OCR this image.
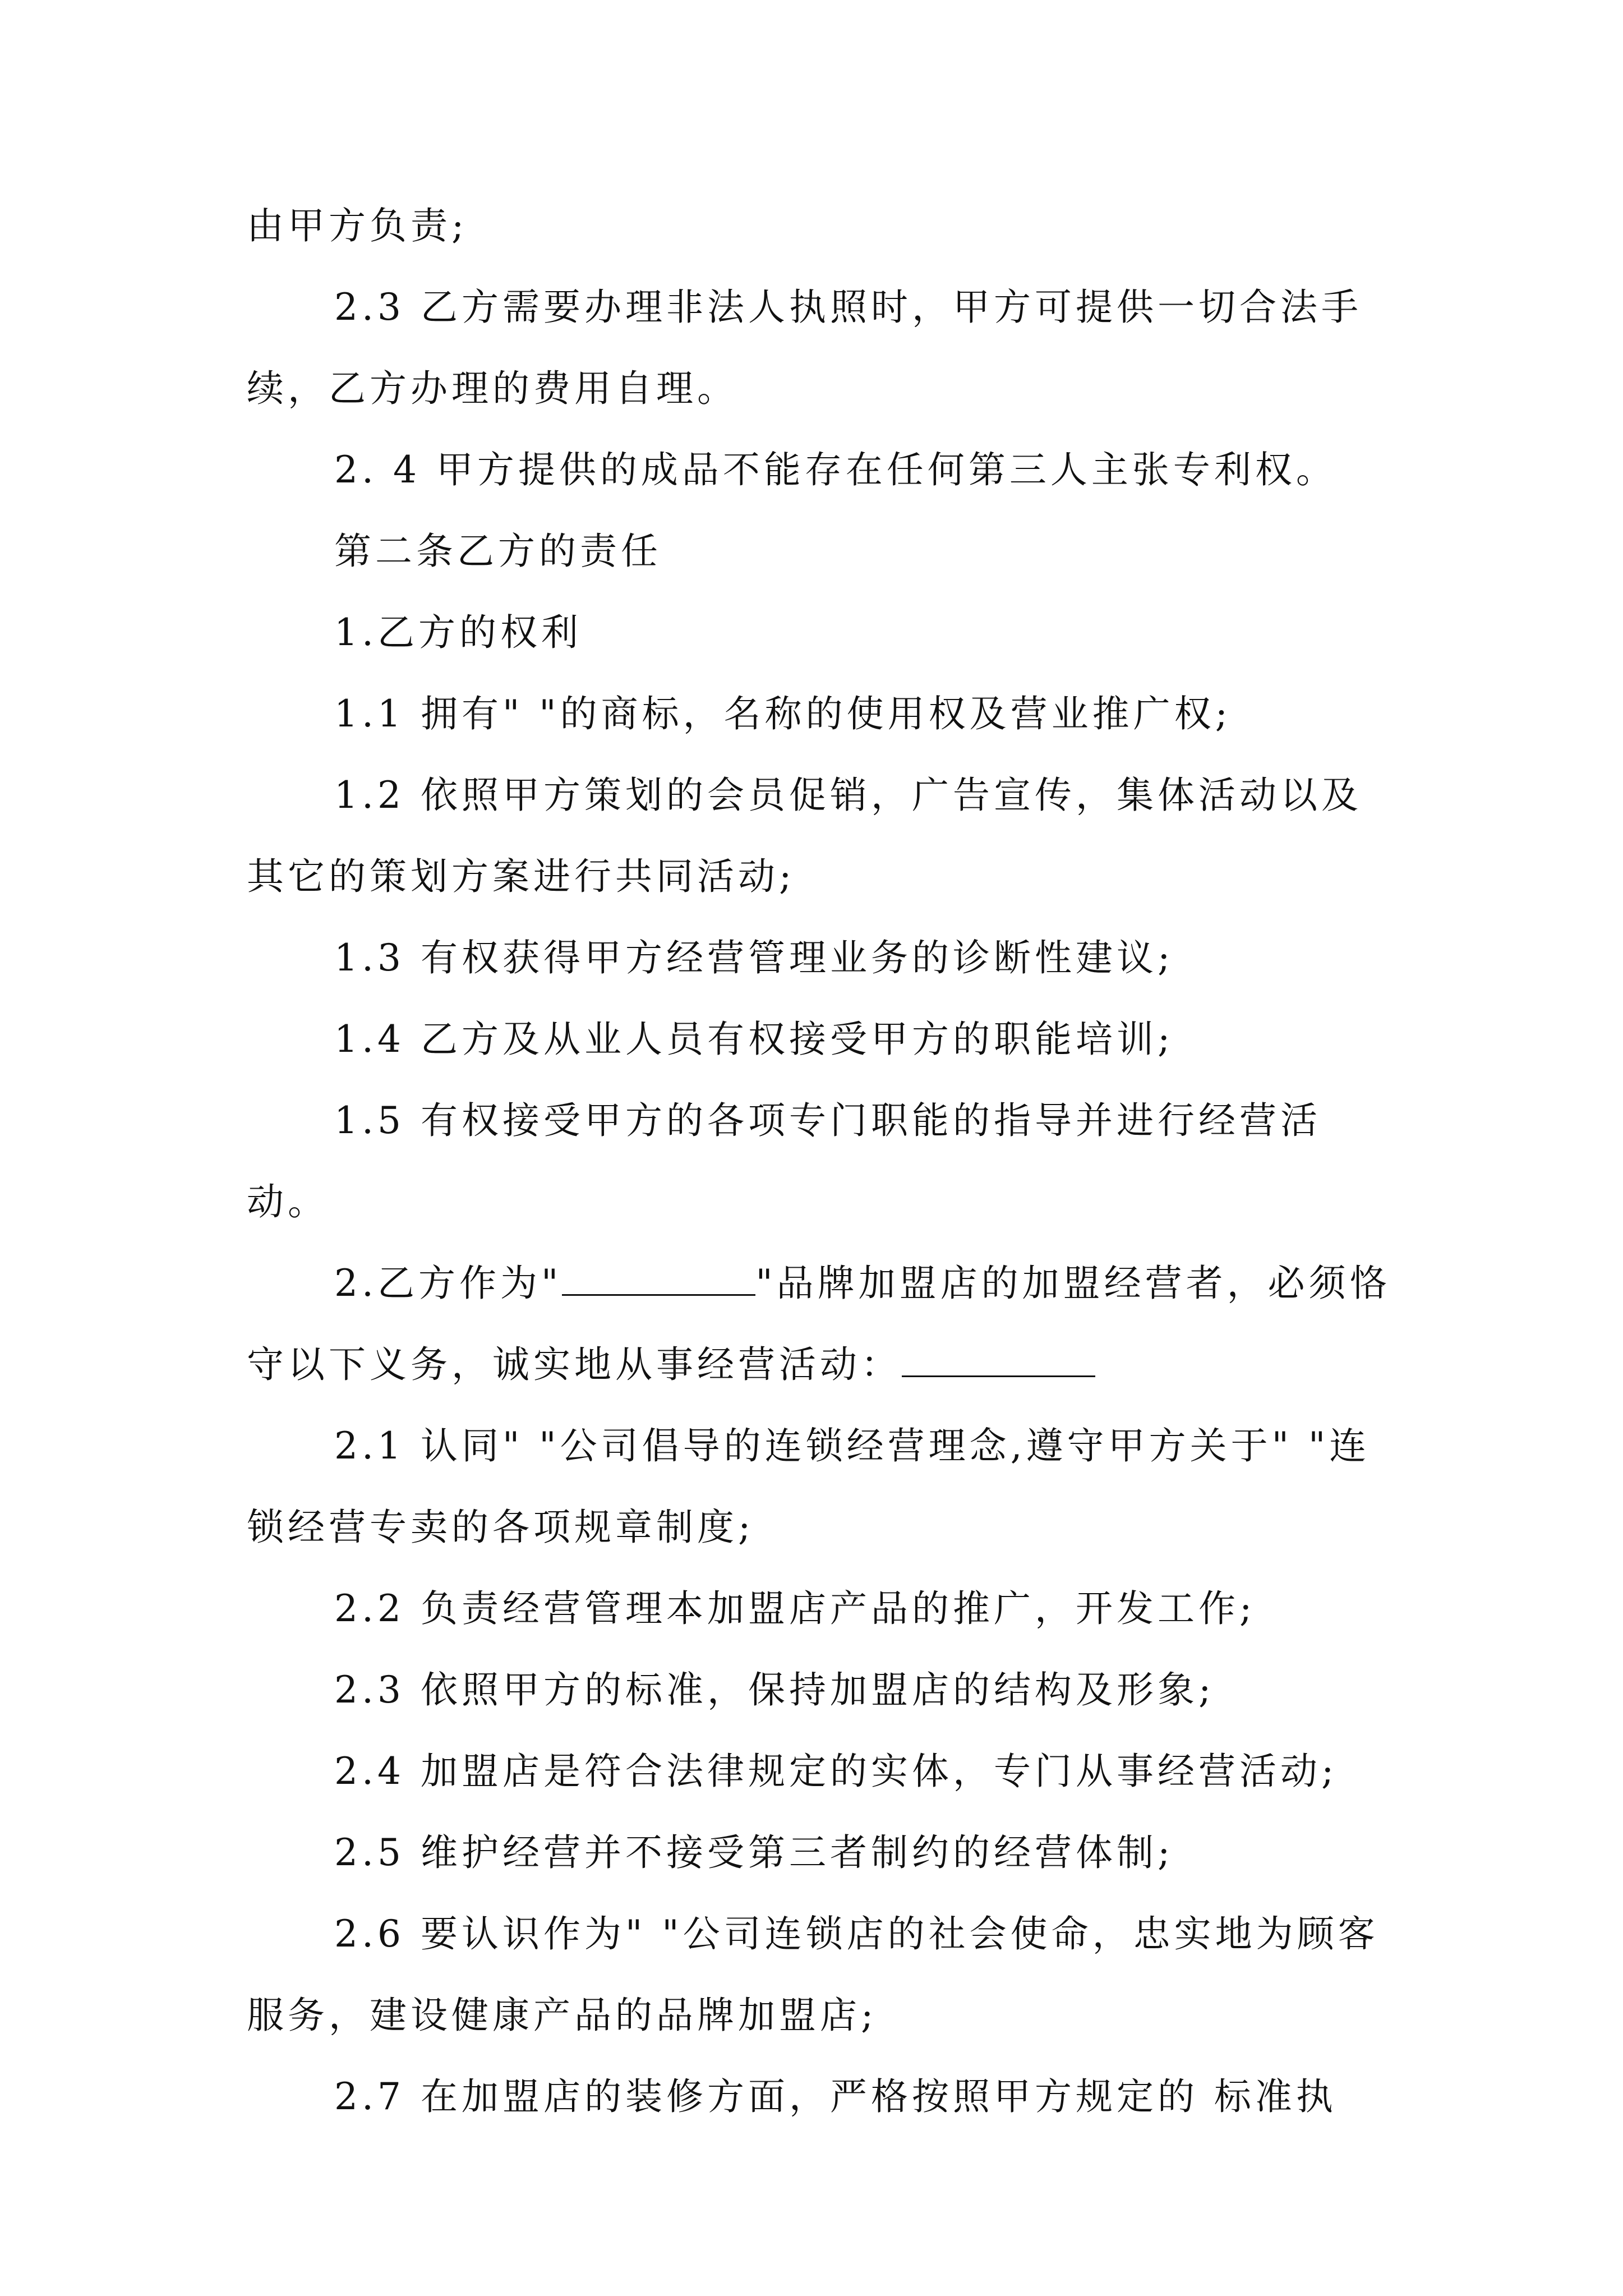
由甲方负责;

2.3 乙方需要办理非法人执照时，甲方可提供一切合法手续，乙方办理的费用自理。

2. 4 甲方提供的成品不能存在任何第三人主张专利权。

第二条乙方的责任

1.乙方的权利

1.1 拥有" "的商标，名称的使用权及营业推广权;

1.2 依照甲方策划的会员促销，广告宣传，集体活动以及其它的策划方案进行共同活动;

1.3 有权获得甲方经营管理业务的诊断性建议;

1.4 乙方及从业人员有权接受甲方的职能培训;

1.5 有权接受甲方的各项专门职能的指导并进行经营活动。

2.乙方作为"	"品牌加盟店的加盟经营者，必须恪守以下义务，诚实地从事经营活动：

2.1 认同" "公司倡导的连锁经营理念,遵守甲方关于" "连锁经营专卖的各项规章制度;

2.2 负责经营管理本加盟店产品的推广，开发工作;

2.3 依照甲方的标准，保持加盟店的结构及形象;

2.4 加盟店是符合法律规定的实体，专门从事经营活动;

2.5 维护经营并不接受第三者制约的经营体制;

2.6 要认识作为" "公司连锁店的社会使命，忠实地为顾客服务，建设健康产品的品牌加盟店;

2.7 在加盟店的装修方面，严格按照甲方规定的 标准执
